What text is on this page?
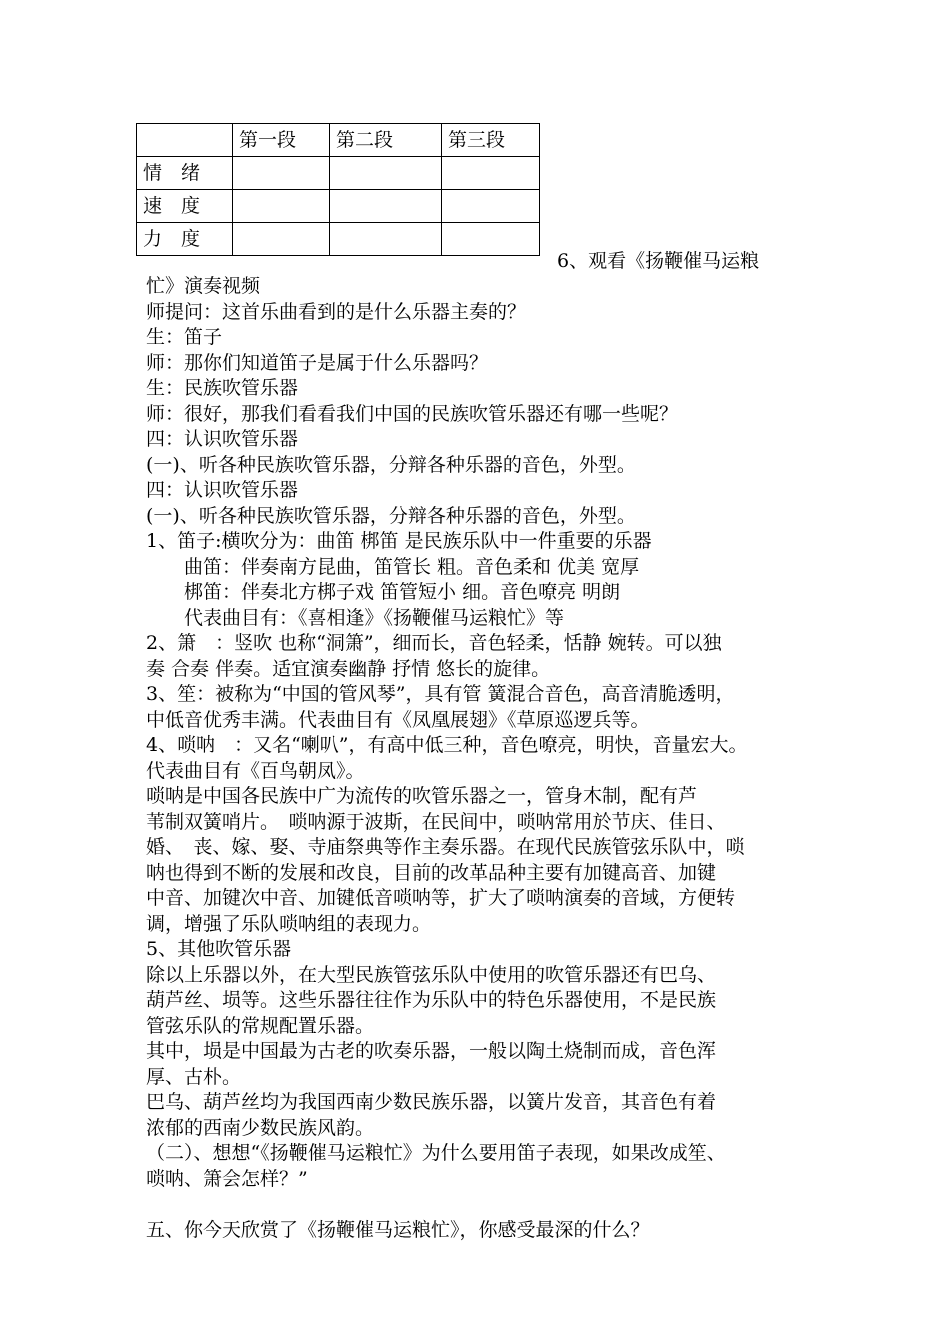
	第一段	第二段	第三段
情　绪			
速　度			
力　度			
6、观看《扬鞭催马运粮
忙》演奏视频
师提问：这首乐曲看到的是什么乐器主奏的？
生：笛子
师：那你们知道笛子是属于什么乐器吗？
生：民族吹管乐器
师：很好，那我们看看我们中国的民族吹管乐器还有哪一些呢？
四：认识吹管乐器
(一)、听各种民族吹管乐器，分辩各种乐器的音色，外型。
四：认识吹管乐器
(一)、听各种民族吹管乐器，分辩各种乐器的音色，外型。
1、笛子:横吹分为：曲笛 梆笛 是民族乐队中一件重要的乐器
　　曲笛：伴奏南方昆曲，笛管长 粗。音色柔和 优美 宽厚
　　梆笛：伴奏北方梆子戏 笛管短小 细。音色嘹亮 明朗
　　代表曲目有：《喜相逢》《扬鞭催马运粮忙》等
2、箫　：竖吹 也称“洞箫”，细而长，音色轻柔，恬静 婉转。可以独
奏 合奏 伴奏。适宜演奏幽静 抒情 悠长的旋律。
3、笙：被称为“中国的管风琴”，具有管 簧混合音色，高音清脆透明，
中低音优秀丰满。代表曲目有《凤凰展翅》《草原巡逻兵等。
4、唢呐　：又名“喇叭”，有高中低三种，音色嘹亮，明快，音量宏大。
代表曲目有《百鸟朝凤》。
唢呐是中国各民族中广为流传的吹管乐器之一，管身木制，配有芦
苇制双簧哨片。　唢呐源于波斯，在民间中，唢呐常用於节庆、佳日、
婚、　丧、嫁、娶、寺庙祭典等作主奏乐器。在现代民族管弦乐队中，唢
呐也得到不断的发展和改良，目前的改革品种主要有加键高音、加键
中音、加键次中音、加键低音唢呐等，扩大了唢呐演奏的音域，方便转
调，增强了乐队唢呐组的表现力。
5、其他吹管乐器
除以上乐器以外，在大型民族管弦乐队中使用的吹管乐器还有巴乌、
葫芦丝、埙等。这些乐器往往作为乐队中的特色乐器使用，不是民族
管弦乐队的常规配置乐器。
其中，埙是中国最为古老的吹奏乐器，一般以陶土烧制而成，音色浑
厚、古朴。
巴乌、葫芦丝均为我国西南少数民族乐器，以簧片发音，其音色有着
浓郁的西南少数民族风韵。
（二）、想想“《扬鞭催马运粮忙》为什么要用笛子表现，如果改成笙、
唢呐、箫会怎样？”
五、你今天欣赏了《扬鞭催马运粮忙》，你感受最深的什么？
